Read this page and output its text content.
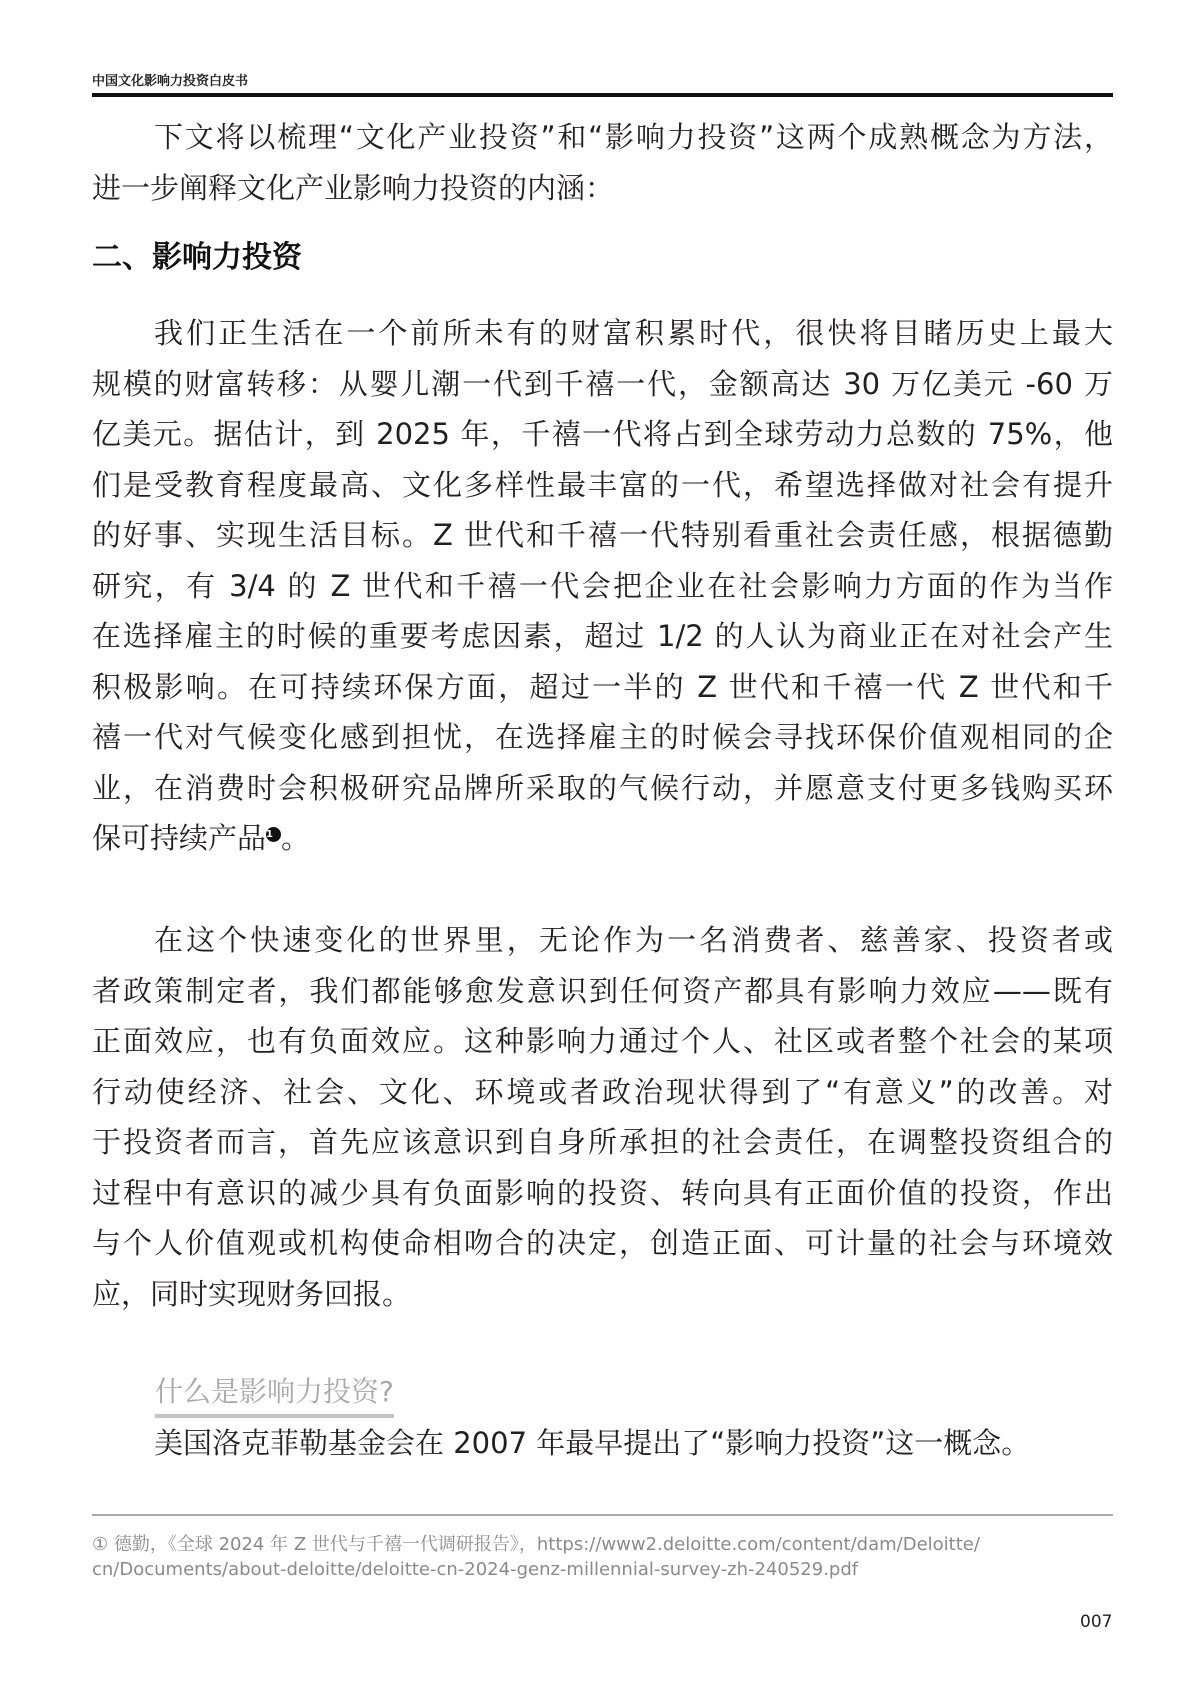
中国文化影响力投资白皮书
下文将以梳理“文化产业投资”和“影响力投资”这两个成熟概念为方法，
进一步阐释文化产业影响力投资的内涵：
二、影响力投资
我们正生活在一个前所未有的财富积累时代，很快将目睹历史上最大
规模的财富转移：从婴儿潮一代到千禧一代，金额高达 30 万亿美元 -60 万
亿美元。据估计，到 2025 年，千禧一代将占到全球劳动力总数的 75%，他
们是受教育程度最高、文化多样性最丰富的一代，希望选择做对社会有提升
的好事、实现生活目标。Z 世代和千禧一代特别看重社会责任感，根据德勤
研究，有 3/4 的 Z 世代和千禧一代会把企业在社会影响力方面的作为当作
在选择雇主的时候的重要考虑因素，超过 1/2 的人认为商业正在对社会产生
积极影响。在可持续环保方面，超过一半的 Z 世代和千禧一代 Z 世代和千
禧一代对气候变化感到担忧，在选择雇主的时候会寻找环保价值观相同的企
业，在消费时会积极研究品牌所采取的气候行动，并愿意支付更多钱购买环
保可持续产品1 。
在这个快速变化的世界里，无论作为一名消费者、慈善家、投资者或
者政策制定者，我们都能够愈发意识到任何资产都具有影响力效应——既有
正面效应，也有负面效应。这种影响力通过个人、社区或者整个社会的某项
行动使经济、社会、文化、环境或者政治现状得到了“有意义”的改善。对
于投资者而言，首先应该意识到自身所承担的社会责任，在调整投资组合的
过程中有意识的减少具有负面影响的投资、转向具有正面价值的投资，作出
与个人价值观或机构使命相吻合的决定，创造正面、可计量的社会与环境效
应，同时实现财务回报。
什么是影响力投资?
美国洛克菲勒基金会在 2007 年最早提出了“影响力投资”这一概念。
① 德勤，《全球 2024 年 Z 世代与千禧一代调研报告》，https://www2.deloitte.com/content/dam/Deloitte/
cn/Documents/about-deloitte/deloitte-cn-2024-genz-millennial-survey-zh-240529.pdf
007
